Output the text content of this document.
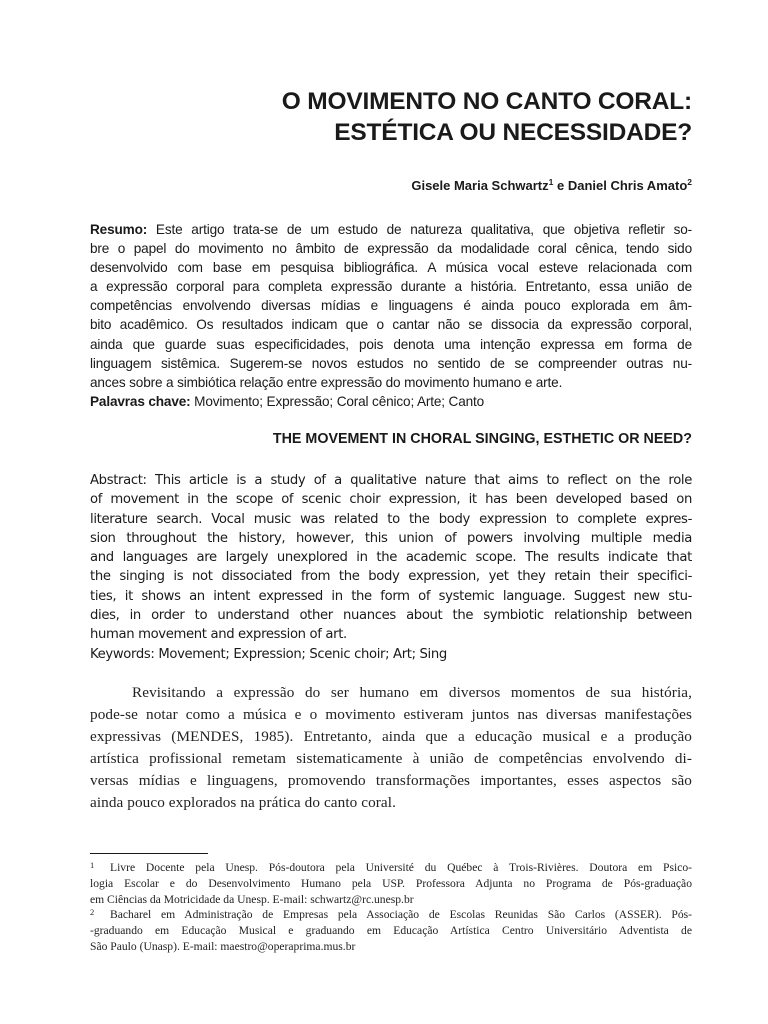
O MOVIMENTO NO CANTO CORAL:
ESTÉTICA OU NECESSIDADE?
Gisele Maria Schwartz$^1$ e Daniel Chris Amato$^2$
Resumo: Este artigo trata-se de um estudo de natureza qualitativa, que objetiva refletir so-
bre o papel do movimento no âmbito de expressão da modalidade coral cênica, tendo sido
desenvolvido com base em pesquisa bibliográfica. A música vocal esteve relacionada com
a expressão corporal para completa expressão durante a história. Entretanto, essa união de
competências envolvendo diversas mídias e linguagens é ainda pouco explorada em âm-
bito acadêmico. Os resultados indicam que o cantar não se dissocia da expressão corporal,
ainda que guarde suas especificidades, pois denota uma intenção expressa em forma de
linguagem sistêmica. Sugerem-se novos estudos no sentido de se compreender outras nu-
ances sobre a simbiótica relação entre expressão do movimento humano e arte.
Palavras chave: Movimento; Expressão; Coral cênico; Arte; Canto
THE MOVEMENT IN CHORAL SINGING, ESTHETIC OR NEED?
Abstract: This article is a study of a qualitative nature that aims to reflect on the role
of movement in the scope of scenic choir expression, it has been developed based on
literature search. Vocal music was related to the body expression to complete expres-
sion throughout the history, however, this union of powers involving multiple media
and languages are largely unexplored in the academic scope. The results indicate that
the singing is not dissociated from the body expression, yet they retain their specifici-
ties, it shows an intent expressed in the form of systemic language. Suggest new stu-
dies, in order to understand other nuances about the symbiotic relationship between
human movement and expression of art.
Keywords: Movement; Expression; Scenic choir; Art; Sing
Revisitando a expressão do ser humano em diversos momentos de sua história,
pode-se notar como a música e o movimento estiveram juntos nas diversas manifestações
expressivas (MENDES, 1985). Entretanto, ainda que a educação musical e a produção
artística profissional remetam sistematicamente à união de competências envolvendo di-
versas mídias e linguagens, promovendo transformações importantes, esses aspectos são
ainda pouco explorados na prática do canto coral.
1 Livre Docente pela Unesp. Pós-doutora pela Université du Québec à Trois-Rivières. Doutora em Psico-
logia Escolar e do Desenvolvimento Humano pela USP. Professora Adjunta no Programa de Pós-graduação
em Ciências da Motricidade da Unesp. E-mail: schwartz@rc.unesp.br
2 Bacharel em Administração de Empresas pela Associação de Escolas Reunidas São Carlos (ASSER). Pós-
-graduando em Educação Musical e graduando em Educação Artística Centro Universitário Adventista de
São Paulo (Unasp). E-mail: maestro@operaprima.mus.br
